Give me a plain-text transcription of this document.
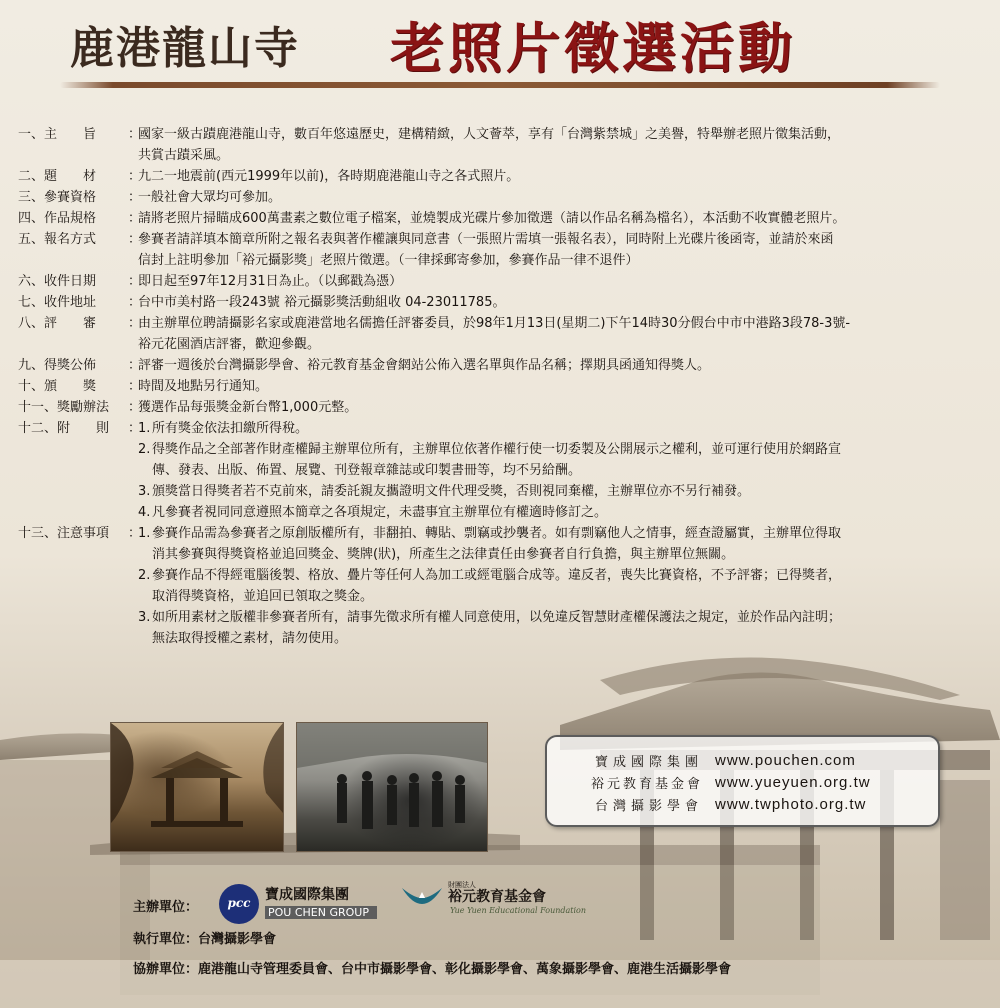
鹿港龍山寺 老照片徵選活動
一、主　　旨	：
國家一級古蹟鹿港龍山寺，數百年悠遠歷史，建構精緻，人文薈萃，享有「台灣紫禁城」之美譽，特舉辦老照片徵集活動，
共賞古蹟采風。
二、題　　材	：
九二一地震前(西元1999年以前)，各時期鹿港龍山寺之各式照片。
三、參賽資格	：
一般社會大眾均可參加。
四、作品規格	：
請將老照片掃瞄成600萬畫素之數位電子檔案，並燒製成光碟片參加徵選（請以作品名稱為檔名），本活動不收實體老照片。
五、報名方式	：
參賽者請詳填本簡章所附之報名表與著作權讓與同意書（一張照片需填一張報名表），同時附上光碟片後函寄，並請於來函
信封上註明參加「裕元攝影獎」老照片徵選。（一律採郵寄參加，參賽作品一律不退件）
六、收件日期	：
即日起至97年12月31日為止。（以郵戳為憑）
七、收件地址	：
台中市美村路一段243號 裕元攝影獎活動組收 04-23011785。
八、評　　審	：
由主辦單位聘請攝影名家或鹿港當地名儒擔任評審委員，於98年1月13日(星期二)下午14時30分假台中市中港路3段78-3號-
裕元花園酒店評審，歡迎參觀。
九、得獎公佈	：
評審一週後於台灣攝影學會、裕元教育基金會網站公佈入選名單與作品名稱；擇期具函通知得獎人。
十、頒　　獎	：
時間及地點另行通知。
十一、獎勵辦法	：
獲選作品每張獎金新台幣1,000元整。
十二、附　　則	：
1. 所有獎金依法扣繳所得稅。
2. 得獎作品之全部著作財產權歸主辦單位所有，主辦單位依著作權行使一切委製及公開展示之權利，並可運行使用於網路宣
傳、發表、出版、佈置、展覽、刊登報章雜誌或印製書冊等，均不另給酬。
3. 頒獎當日得獎者若不克前來，請委託親友攜證明文件代理受獎，否則視同棄權，主辦單位亦不另行補發。
4. 凡參賽者視同同意遵照本簡章之各項規定，未盡事宜主辦單位有權適時修訂之。
十三、注意事項	：
1. 參賽作品需為參賽者之原創版權所有，非翻拍、轉貼、剽竊或抄襲者。如有剽竊他人之情事，經查證屬實，主辦單位得取
消其參賽與得獎資格並追回獎金、獎牌(狀)，所產生之法律責任由參賽者自行負擔，與主辦單位無關。
2. 參賽作品不得經電腦後製、格放、疊片等任何人為加工或經電腦合成等。違反者，喪失比賽資格，不予評審；已得獎者，
取消得獎資格，並追回已領取之獎金。
3. 如所用素材之版權非參賽者所有，請事先徵求所有權人同意使用，以免違反智慧財產權保護法之規定，並於作品內註明；
無法取得授權之素材，請勿使用。
寶成國際集團 www.pouchen.com
裕元教育基金會 www.yueyuen.org.tw
台灣攝影學會 www.twphoto.org.tw
主辦單位： pcc 寶成國際集團
POU CHEN GROUP
財團法人
裕元教育基金會
Yue Yuen Educational Foundation
執行單位：台灣攝影學會
協辦單位：鹿港龍山寺管理委員會、台中市攝影學會、彰化攝影學會、萬象攝影學會、鹿港生活攝影學會
